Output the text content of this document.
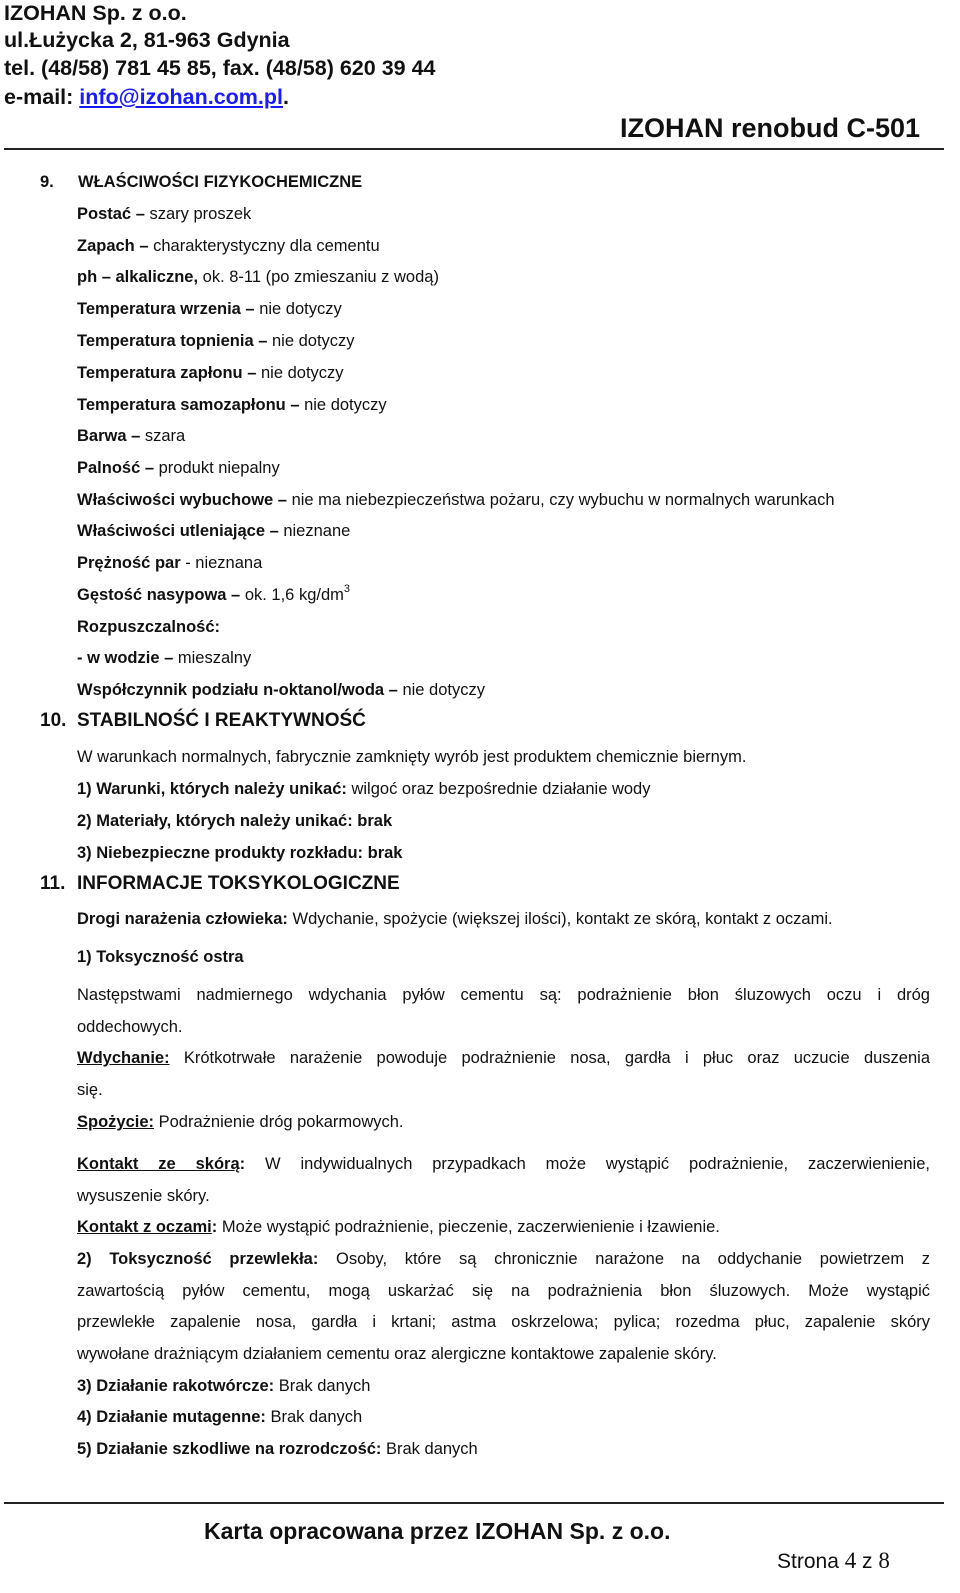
IZOHAN Sp. z o.o.
ul.Łużycka 2, 81-963 Gdynia
tel. (48/58) 781 45 85, fax. (48/58) 620 39 44
e-mail: info@izohan.com.pl.
IZOHAN renobud C-501
9. WŁAŚCIWOŚCI FIZYKOCHEMICZNE
Postać – szary proszek
Zapach – charakterystyczny dla cementu
ph – alkaliczne, ok. 8-11 (po zmieszaniu z wodą)
Temperatura wrzenia – nie dotyczy
Temperatura topnienia – nie dotyczy
Temperatura zapłonu – nie dotyczy
Temperatura samozapłonu – nie dotyczy
Barwa – szara
Palność – produkt niepalny
Właściwości wybuchowe – nie ma niebezpieczeństwa pożaru, czy wybuchu w normalnych warunkach
Właściwości utleniające – nieznane
Prężność par - nieznana
Gęstość nasypowa – ok. 1,6 $kg/dm^3$
Rozpuszczalność:
- w wodzie – mieszalny
Współczynnik podziału n-oktanol/woda – nie dotyczy
10. STABILNOŚĆ I REAKTYWNOŚĆ
W warunkach normalnych, fabrycznie zamknięty wyrób jest produktem chemicznie biernym.
1) Warunki, których należy unikać: wilgoć oraz bezpośrednie działanie wody
2) Materiały, których należy unikać: brak
3) Niebezpieczne produkty rozkładu: brak
11. INFORMACJE TOKSYKOLOGICZNE
Drogi narażenia człowieka: Wdychanie, spożycie (większej ilości), kontakt ze skórą, kontakt z oczami.
1) Toksyczność ostra
Następstwami nadmiernego wdychania pyłów cementu są: podrażnienie błon śluzowych oczu i dróg
oddechowych.
Wdychanie: Krótkotrwałe narażenie powoduje podrażnienie nosa, gardła i płuc oraz uczucie duszenia
się.
Spożycie: Podrażnienie dróg pokarmowych.
Kontakt ze skórą: W indywidualnych przypadkach może wystąpić podrażnienie, zaczerwienienie,
wysuszenie skóry.
Kontakt z oczami: Może wystąpić podrażnienie, pieczenie, zaczerwienienie i łzawienie.
2) Toksyczność przewlekła: Osoby, które są chronicznie narażone na oddychanie powietrzem z
zawartością pyłów cementu, mogą uskarżać się na podrażnienia błon śluzowych. Może wystąpić
przewlekłe zapalenie nosa, gardła i krtani; astma oskrzelowa; pylica; rozedma płuc, zapalenie skóry
wywołane drażniącym działaniem cementu oraz alergiczne kontaktowe zapalenie skóry.
3) Działanie rakotwórcze: Brak danych
4) Działanie mutagenne: Brak danych
5) Działanie szkodliwe na rozrodczość: Brak danych
Karta opracowana przez IZOHAN Sp. z o.o.
Strona 4 z 8
